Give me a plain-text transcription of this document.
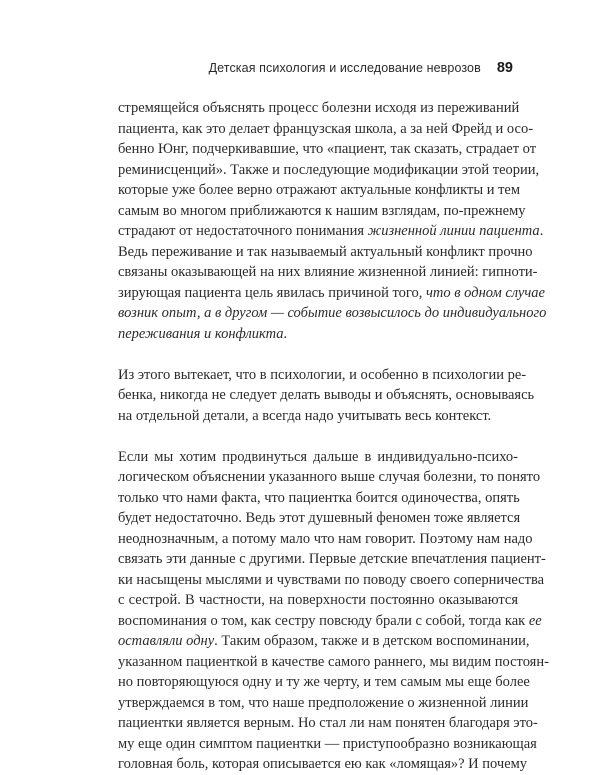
Детская психология и исследование неврозов 89
стремящейся объяснять процесс болезни исходя из переживаний
пациента, как это делает французская школа, а за ней Фрейд и осо-
бенно Юнг, подчеркивавшие, что «пациент, так сказать, страдает от
реминисценций». Также и последующие модификации этой теории,
которые уже более верно отражают актуальные конфликты и тем
самым во многом приближаются к нашим взглядам, по-прежнему
страдают от недостаточного понимания жизненной линии пациента.
Ведь переживание и так называемый актуальный конфликт прочно
связаны оказывающей на них влияние жизненной линией: гипноти-
зирующая пациента цель явилась причиной того, что в одном случае
возник опыт, а в другом — событие возвысилось до индивидуального
переживания и конфликта.
Из этого вытекает, что в психологии, и особенно в психологии ре-
бенка, никогда не следует делать выводы и объяснять, основываясь
на отдельной детали, а всегда надо учитывать весь контекст.
Если мы хотим продвинуться дальше в индивидуально-психо-
логическом объяснении указанного выше случая болезни, то понято
только что нами факта, что пациентка боится одиночества, опять
будет недостаточно. Ведь этот душевный феномен тоже является
неоднозначным, а потому мало что нам говорит. Поэтому нам надо
связать эти данные с другими. Первые детские впечатления пациент-
ки насыщены мыслями и чувствами по поводу своего соперничества
с сестрой. В частности, на поверхности постоянно оказываются
воспоминания о том, как сестру повсюду брали с собой, тогда как ее
оставляли одну. Таким образом, также и в детском воспоминании,
указанном пациенткой в качестве самого раннего, мы видим постоян-
но повторяющуюся одну и ту же черту, и тем самым мы еще более
утверждаемся в том, что наше предположение о жизненной линии
пациентки является верным. Но стал ли нам понятен благодаря это-
му еще один симптом пациентки — приступообразно возникающая
головная боль, которая описывается ею как «ломящая»? И почему
